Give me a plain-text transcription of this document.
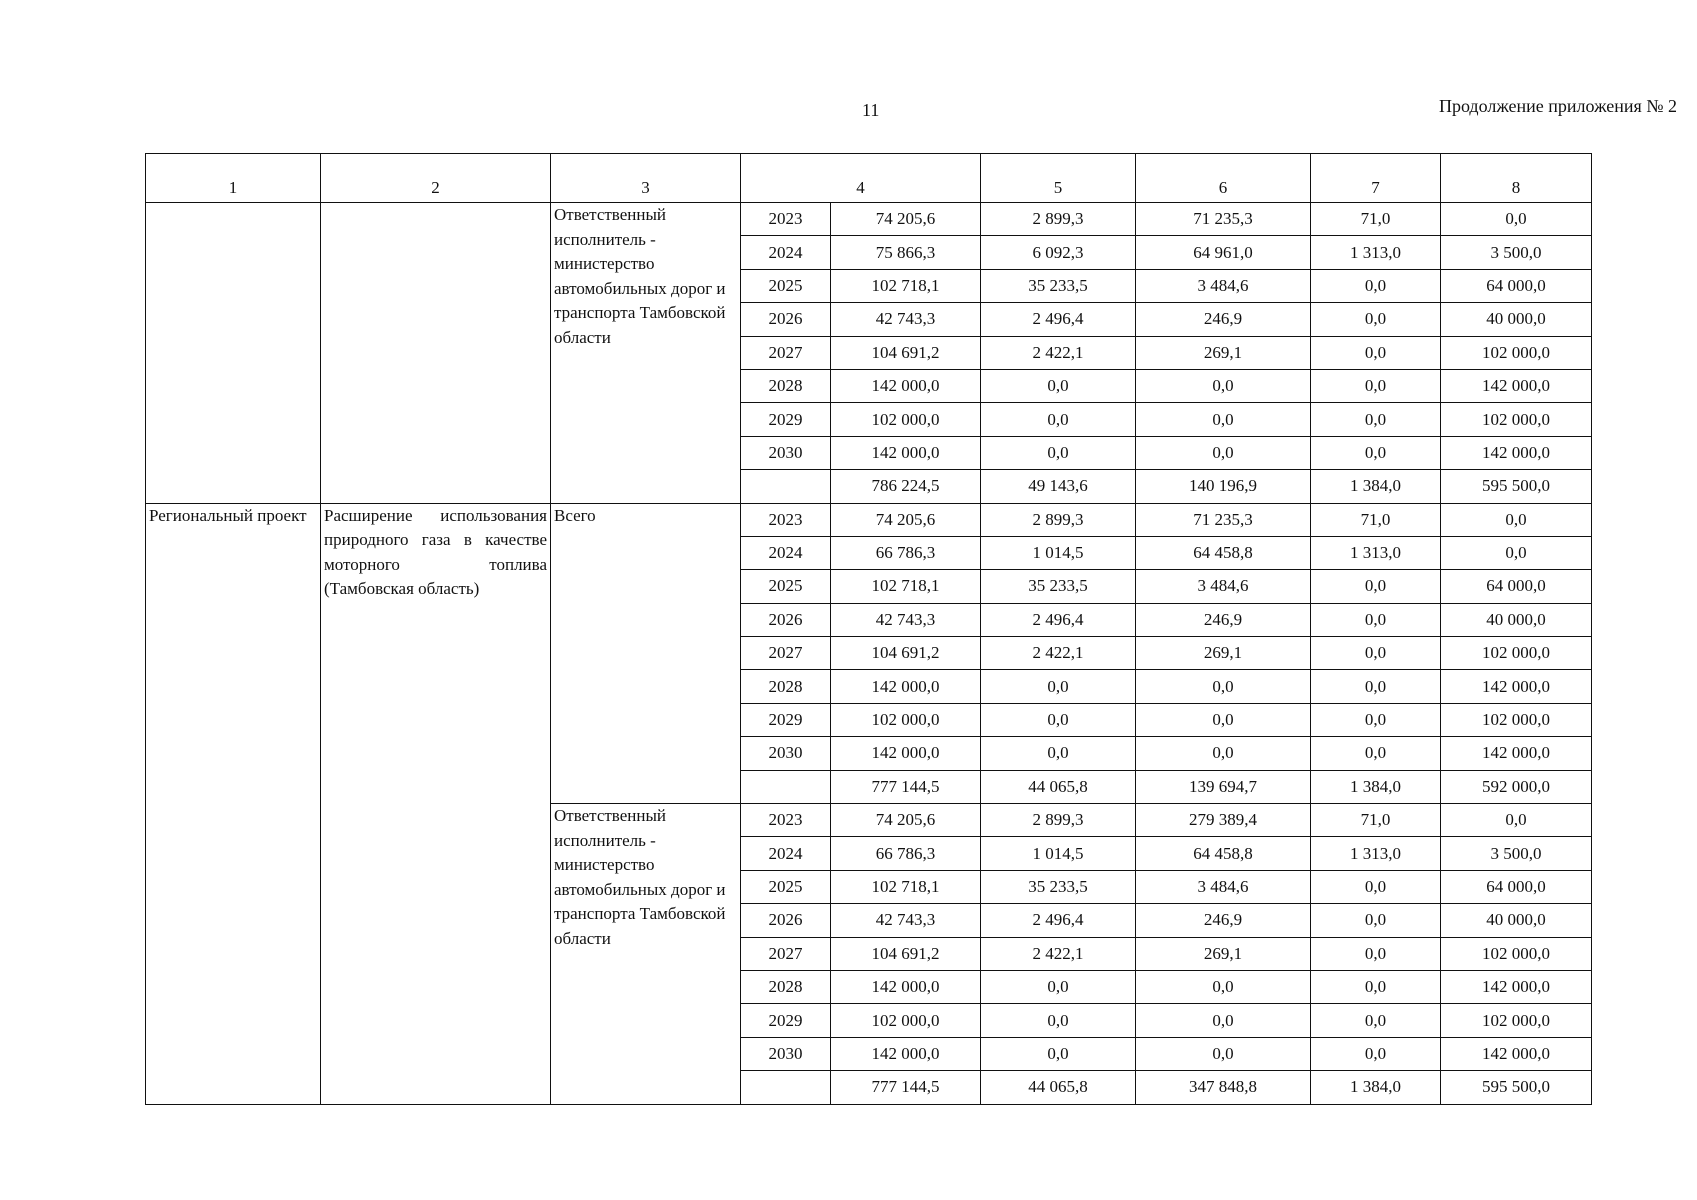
11	Продолжение приложения № 2
1	2	3	4		5	6	7	8
		Ответственный исполнитель - министерство автомобильных дорог и транспорта Тамбовской области	2023	74 205,6	2 899,3	71 235,3	71,0	0,0
			2024	75 866,3	6 092,3	64 961,0	1 313,0	3 500,0
			2025	102 718,1	35 233,5	3 484,6	0,0	64 000,0
			2026	42 743,3	2 496,4	246,9	0,0	40 000,0
			2027	104 691,2	2 422,1	269,1	0,0	102 000,0
			2028	142 000,0	0,0	0,0	0,0	142 000,0
			2029	102 000,0	0,0	0,0	0,0	102 000,0
			2030	142 000,0	0,0	0,0	0,0	142 000,0
				786 224,5	49 143,6	140 196,9	1 384,0	595 500,0
Региональный проект	Расширение использования природного газа в качестве моторного топлива (Тамбовская область)	Всего	2023	74 205,6	2 899,3	71 235,3	71,0	0,0
			2024	66 786,3	1 014,5	64 458,8	1 313,0	0,0
			2025	102 718,1	35 233,5	3 484,6	0,0	64 000,0
			2026	42 743,3	2 496,4	246,9	0,0	40 000,0
			2027	104 691,2	2 422,1	269,1	0,0	102 000,0
			2028	142 000,0	0,0	0,0	0,0	142 000,0
			2029	102 000,0	0,0	0,0	0,0	102 000,0
			2030	142 000,0	0,0	0,0	0,0	142 000,0
				777 144,5	44 065,8	139 694,7	1 384,0	592 000,0
		Ответственный исполнитель - министерство автомобильных дорог и транспорта Тамбовской области	2023	74 205,6	2 899,3	279 389,4	71,0	0,0
			2024	66 786,3	1 014,5	64 458,8	1 313,0	3 500,0
			2025	102 718,1	35 233,5	3 484,6	0,0	64 000,0
			2026	42 743,3	2 496,4	246,9	0,0	40 000,0
			2027	104 691,2	2 422,1	269,1	0,0	102 000,0
			2028	142 000,0	0,0	0,0	0,0	142 000,0
			2029	102 000,0	0,0	0,0	0,0	102 000,0
			2030	142 000,0	0,0	0,0	0,0	142 000,0
				777 144,5	44 065,8	347 848,8	1 384,0	595 500,0
